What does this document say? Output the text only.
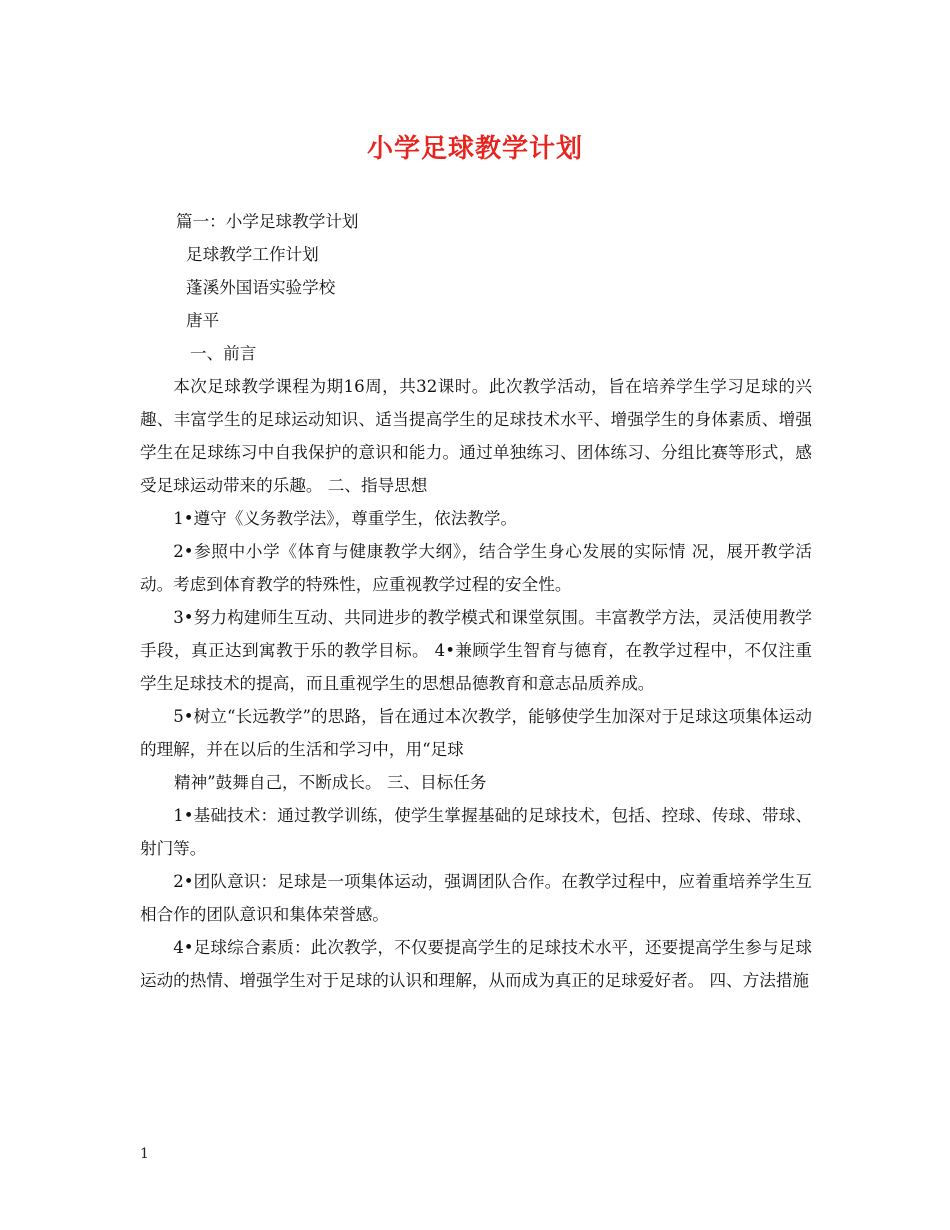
小学足球教学计划

篇一：小学足球教学计划

足球教学工作计划

蓬溪外国语实验学校

唐平

一、前言

本次足球教学课程为期16周，共32课时。此次教学活动，旨在培养学生学习足球的兴趣、丰富学生的足球运动知识、适当提高学生的足球技术水平、增强学生的身体素质、增强学生在足球练习中自我保护的意识和能力。通过单独练习、团体练习、分组比赛等形式，感受足球运动带来的乐趣。 二、指导思想

1•遵守《义务教学法》，尊重学生，依法教学。

2•参照中小学《体育与健康教学大纲》，结合学生身心发展的实际情 况，展开教学活动。考虑到体育教学的特殊性，应重视教学过程的安全性。

3•努力构建师生互动、共同进步的教学模式和课堂氛围。丰富教学方法，灵活使用教学手段，真正达到寓教于乐的教学目标。 4•兼顾学生智育与德育，在教学过程中，不仅注重学生足球技术的提高，而且重视学生的思想品德教育和意志品质养成。

5•树立“长远教学”的思路，旨在通过本次教学，能够使学生加深对于足球这项集体运动的理解，并在以后的生活和学习中，用“足球

精神”鼓舞自己，不断成长。 三、目标任务

1•基础技术：通过教学训练，使学生掌握基础的足球技术，包括、控球、传球、带球、射门等。

2•团队意识：足球是一项集体运动，强调团队合作。在教学过程中，应着重培养学生互相合作的团队意识和集体荣誉感。

4•足球综合素质：此次教学，不仅要提高学生的足球技术水平，还要提高学生参与足球运动的热情、增强学生对于足球的认识和理解，从而成为真正的足球爱好者。 四、方法措施

1
